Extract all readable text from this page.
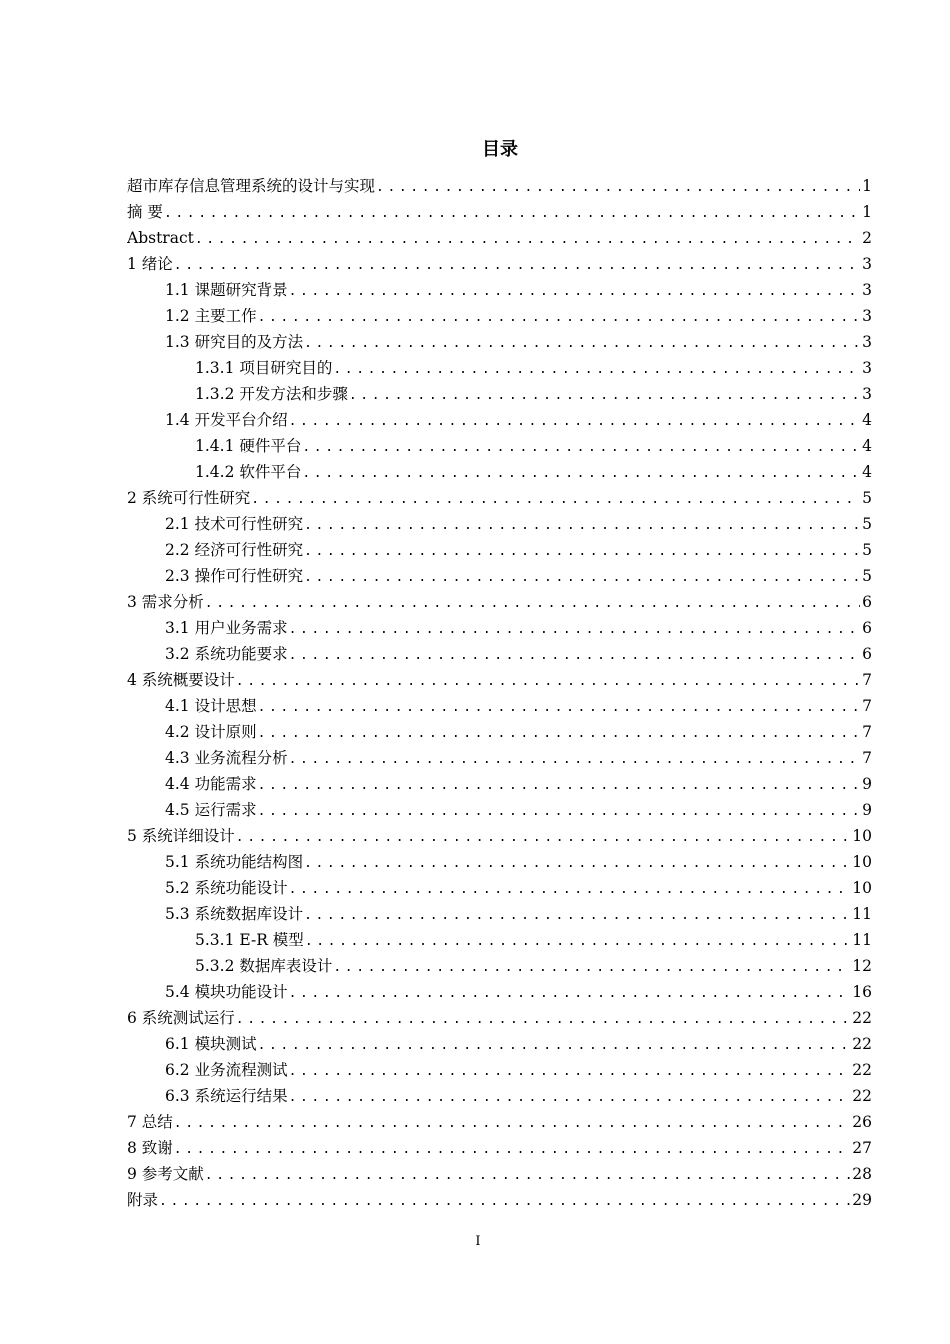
目录
超市库存信息管理系统的设计与实现 .....	1
摘 要 .....	1
Abstract .....	2
1 绪论 .....	3
1.1 课题研究背景 .....	3
1.2 主要工作 .....	3
1.3 研究目的及方法 .....	3
1.3.1 项目研究目的 .....	3
1.3.2 开发方法和步骤 .....	3
1.4 开发平台介绍 .....	4
1.4.1 硬件平台 .....	4
1.4.2 软件平台 .....	4
2 系统可行性研究 .....	5
2.1 技术可行性研究 .....	5
2.2 经济可行性研究 .....	5
2.3 操作可行性研究 .....	5
3 需求分析 .....	6
3.1 用户业务需求 .....	6
3.2 系统功能要求 .....	6
4 系统概要设计 .....	7
4.1 设计思想 .....	7
4.2 设计原则 .....	7
4.3 业务流程分析 .....	7
4.4 功能需求 .....	9
4.5 运行需求 .....	9
5 系统详细设计 .....	10
5.1 系统功能结构图 .....	10
5.2 系统功能设计 .....	10
5.3 系统数据库设计 .....	11
5.3.1 E-R 模型 .....	11
5.3.2 数据库表设计 .....	12
5.4 模块功能设计 .....	16
6 系统测试运行 .....	22
6.1 模块测试 .....	22
6.2 业务流程测试 .....	22
6.3 系统运行结果 .....	22
7 总结 .....	26
8 致谢 .....	27
9 参考文献 .....	28
附录 .....	29
I
